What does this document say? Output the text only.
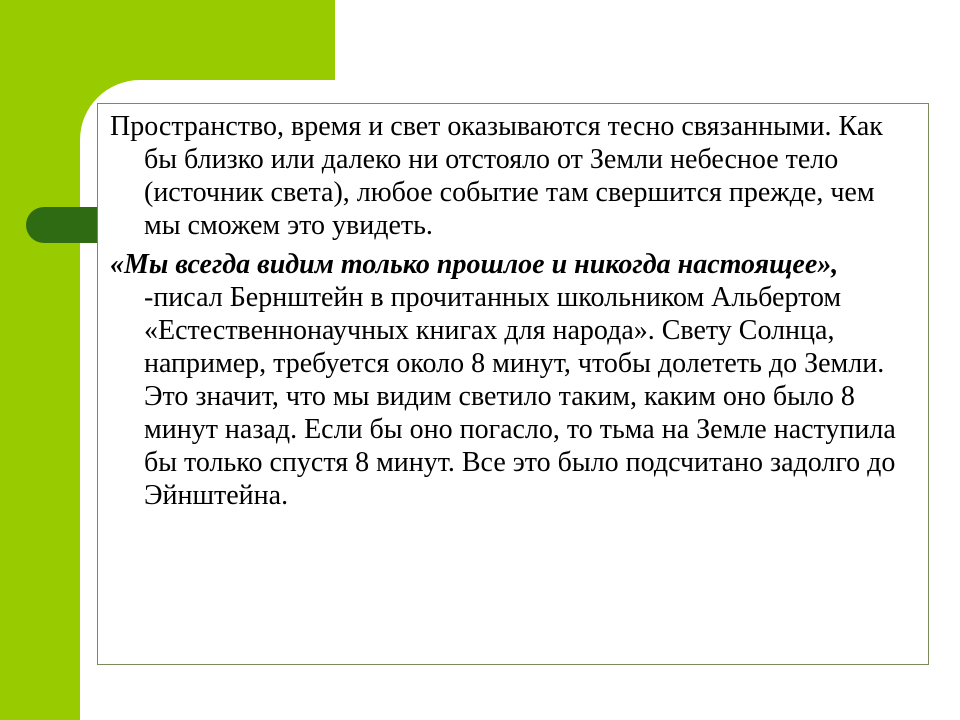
Пространство, время и свет оказываются тесно связанными. Как бы близко или далеко ни отстояло от Земли небесное тело (источник света), любое событие там свершится прежде, чем мы сможем это увидеть.

«Мы всегда видим только прошлое и никогда настоящее», -писал Бернштейн в прочитанных школьником Альбертом «Естественнонаучных книгах для народа». Свету Солнца, например, требуется около 8 минут, чтобы долететь до Земли. Это значит, что мы видим светило таким, каким оно было 8 минут назад. Если бы оно погасло, то тьма на Земле наступила бы только спустя 8 минут. Все это было подсчитано задолго до Эйнштейна.
